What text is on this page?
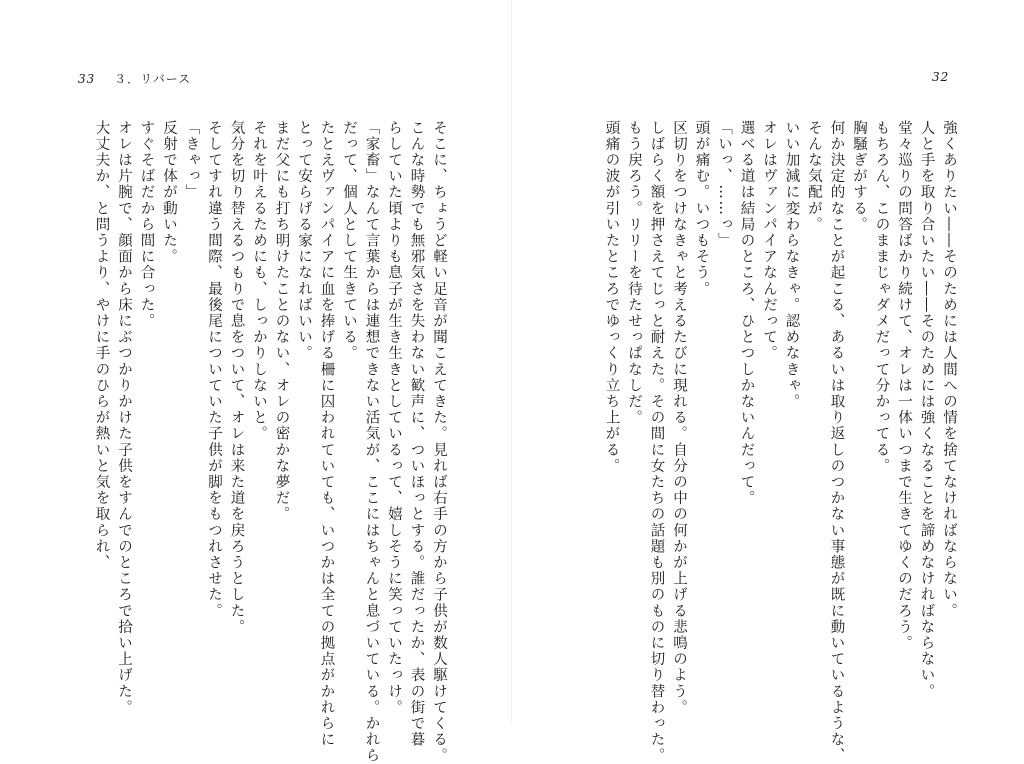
33 ３．リバース
そこに、ちょうど軽い足音が聞こえてきた。見れば右手の方から子供が数人駆けてくる。
こんな時勢でも無邪気さを失わない歓声に、ついほっとする。誰だったか、表の街で暮
らしていた頃よりも息子が生き生きとしているって、嬉しそうに笑っていたっけ。
「家畜」なんて言葉からは連想できない活気が、ここにはちゃんと息づいている。かれら
だって、個人として生きている。
たとえヴァンパイアに血を捧げる柵に囚われていても、いつかは全ての拠点がかれらに
とって安らげる家になればいい。
まだ父にも打ち明けたことのない、オレの密かな夢だ。
それを叶えるためにも、しっかりしないと。
気分を切り替えるつもりで息をついて、オレは来た道を戻ろうとした。
そしてすれ違う間際、最後尾についていた子供が脚をもつれさせた。
「きゃっ」
反射で体が動いた。
すぐそばだから間に合った。
オレは片腕で、顔面から床にぶつかりかけた子供をすんでのところで拾い上げた。
大丈夫か、と問うより、やけに手のひらが熱いと気を取られ、
32
強くありたい――そのためには人間への情を捨てなければならない。
人と手を取り合いたい――そのためには強くなることを諦めなければならない。
堂々巡りの問答ばかり続けて、オレは一体いつまで生きてゆくのだろう。
もちろん、このままじゃダメだって分かってる。
胸騒ぎがする。
何か決定的なことが起こる、あるいは取り返しのつかない事態が既に動いているような、
そんな気配が。
いい加減に変わらなきゃ。認めなきゃ。
オレはヴァンパイアなんだって。
選べる道は結局のところ、ひとつしかないんだって。
「いっ、……っ」
頭が痛む。いつもそう。
区切りをつけなきゃと考えるたびに現れる。自分の中の何かが上げる悲鳴のよう。
しばらく額を押さえてじっと耐えた。その間に女たちの話題も別のものに切り替わった。
もう戻ろう。リリーを待たせっぱなしだ。
頭痛の波が引いたところでゆっくり立ち上がる。
